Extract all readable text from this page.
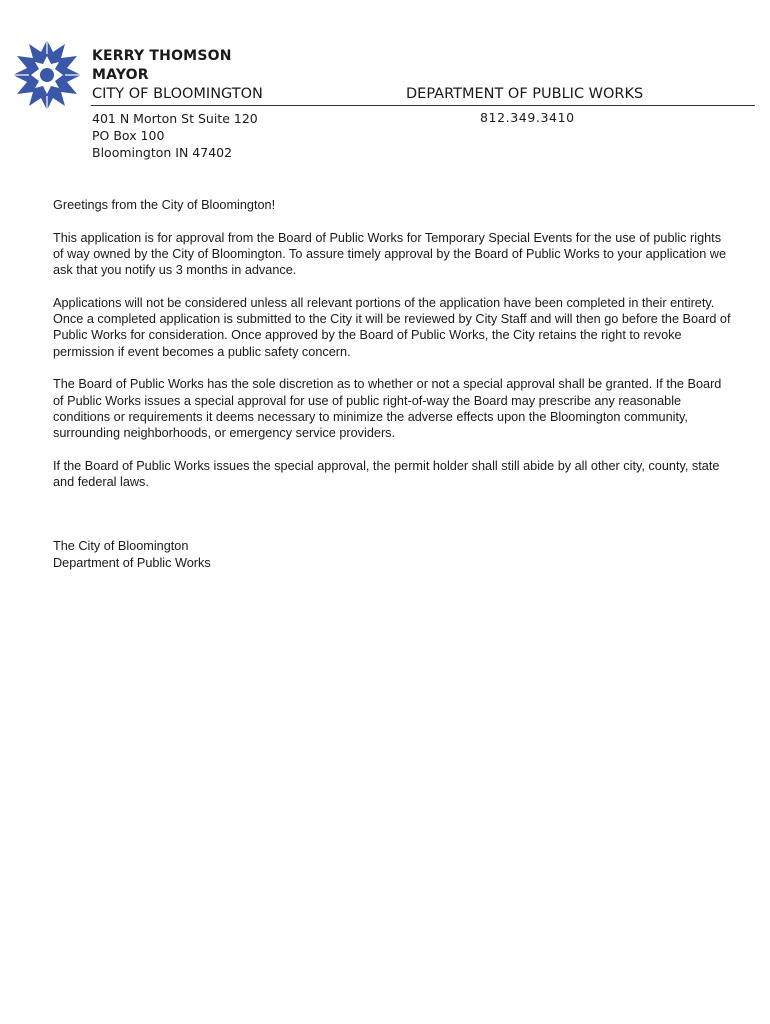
KERRY THOMSON
MAYOR
CITY OF BLOOMINGTON	DEPARTMENT OF PUBLIC WORKS
401 N Morton St Suite 120
PO Box 100
Bloomington IN 47402
812.349.3410

Greetings from the City of Bloomington!

This application is for approval from the Board of Public Works for Temporary Special Events for the use of public rights of way owned by the City of Bloomington. To assure timely approval by the Board of Public Works to your application we ask that you notify us 3 months in advance.

Applications will not be considered unless all relevant portions of the application have been completed in their entirety. Once a completed application is submitted to the City it will be reviewed by City Staff and will then go before the Board of Public Works for consideration. Once approved by the Board of Public Works, the City retains the right to revoke permission if event becomes a public safety concern.

The Board of Public Works has the sole discretion as to whether or not a special approval shall be granted. If the Board of Public Works issues a special approval for use of public right-of-way the Board may prescribe any reasonable conditions or requirements it deems necessary to minimize the adverse effects upon the Bloomington community, surrounding neighborhoods, or emergency service providers.

If the Board of Public Works issues the special approval, the permit holder shall still abide by all other city, county, state and federal laws.

The City of Bloomington
Department of Public Works
